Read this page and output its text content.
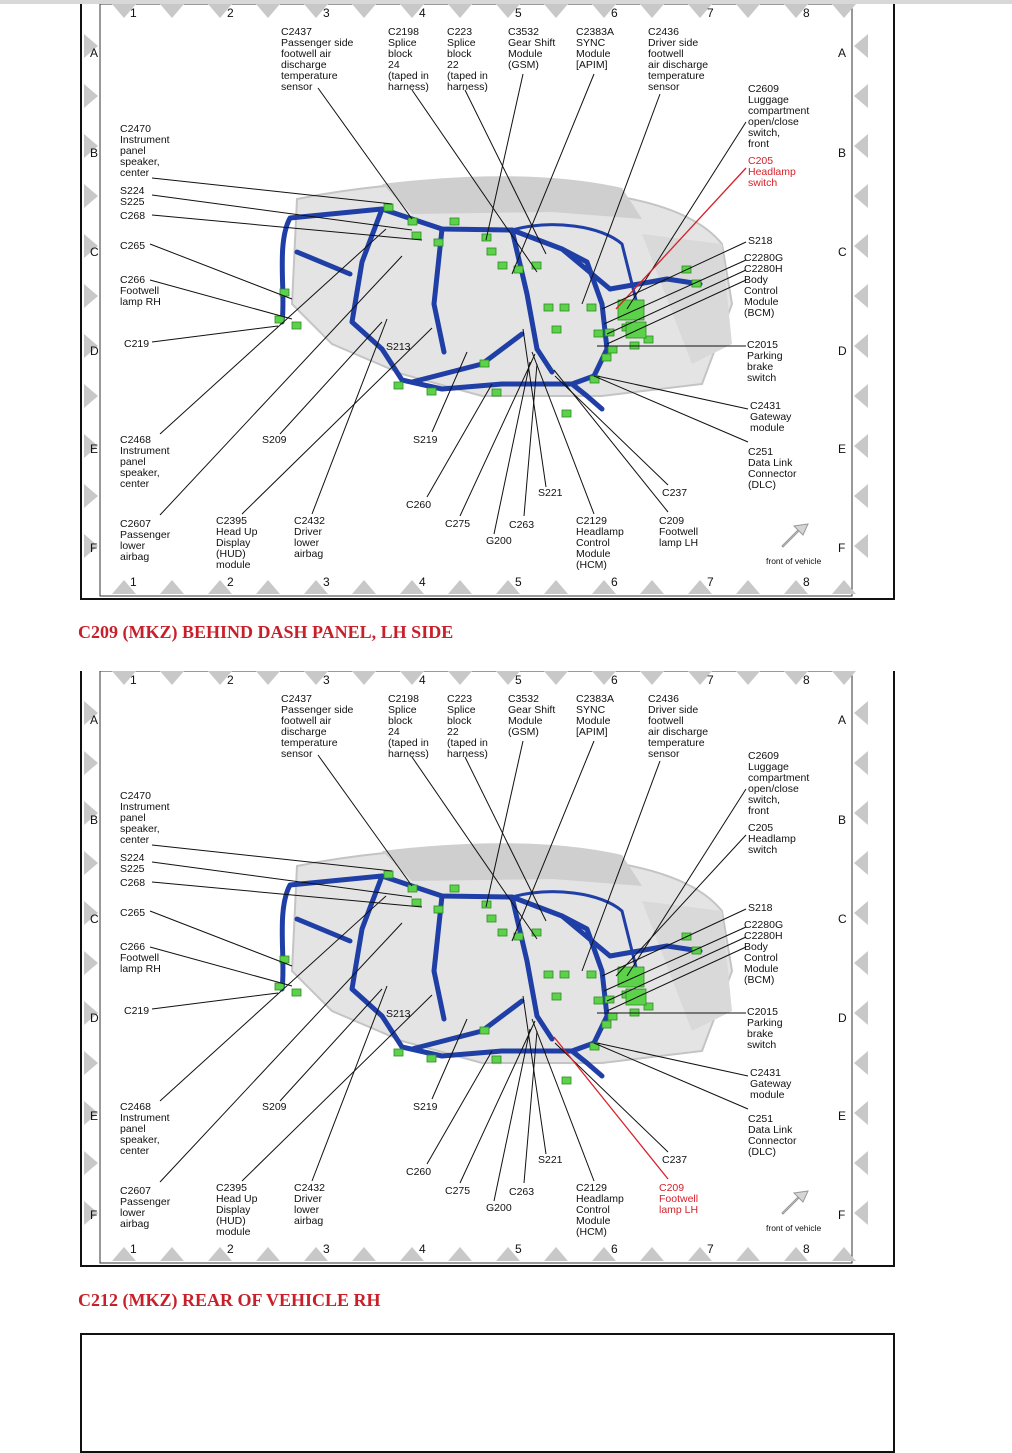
1
1
2
2
3
3
4
4
5
5
6
6
7
7
8
8
A	A
B	B
C	C
D	D
E	E
F	F
C2437
Passenger side
footwell air
discharge
temperature
sensor
C2198
Splice
block
24
(taped in
harness)
C223
Splice
block
22
(taped in
harness)
C3532
Gear Shift
Module
(GSM)
C2383A
SYNC
Module
[APIM]
C2436
Driver side
footwell
air discharge
temperature
sensor	C2609
Luggage
compartment
open/close
switch,
front
C205
Headlamp
switch
C2470
Instrument
panel
speaker,
center
S224
S225
C268
C265
C266
Footwell
lamp RH
C219	S213
S218
C2280G
C2280H
Body
Control
Module
(BCM)
C2015
Parking
brake
switch
C2431
Gateway
module
C251
Data Link
Connector
(DLC)
C2468
Instrument
panel
speaker,
center
S209	S219
C260
S221	C237
C2607
Passenger
lower
airbag
C2395
Head Up
Display
(HUD)
module
C2432
Driver
lower
airbag
C275	C263
G200
C2129
Headlamp
Control
Module
(HCM)
C209
Footwell
lamp LH
front of vehicle
C209 (MKZ) BEHIND DASH PANEL, LH SIDE
1
1
2
2
3
3
4
4
5
5
6
6
7
7
8
8
A	A
B	B
C	C
D	D
E	E
F	F
C2437
Passenger side
footwell air
discharge
temperature
sensor
C2198
Splice
block
24
(taped in
harness)
C223
Splice
block
22
(taped in
harness)
C3532
Gear Shift
Module
(GSM)
C2383A
SYNC
Module
[APIM]
C2436
Driver side
footwell
air discharge
temperature
sensor	C2609
Luggage
compartment
open/close
switch,
front
C205
Headlamp
switch
C2470
Instrument
panel
speaker,
center
S224
S225
C268
C265
C266
Footwell
lamp RH
C219	S213
S218
C2280G
C2280H
Body
Control
Module
(BCM)
C2015
Parking
brake
switch
C2431
Gateway
module
C251
Data Link
Connector
(DLC)
C2468
Instrument
panel
speaker,
center
S209	S219
C260
S221	C237
C2607
Passenger
lower
airbag
C2395
Head Up
Display
(HUD)
module
C2432
Driver
lower
airbag
C275	C263
G200
C2129
Headlamp
Control
Module
(HCM)
C209
Footwell
lamp LH
front of vehicle
C212 (MKZ) REAR OF VEHICLE RH
